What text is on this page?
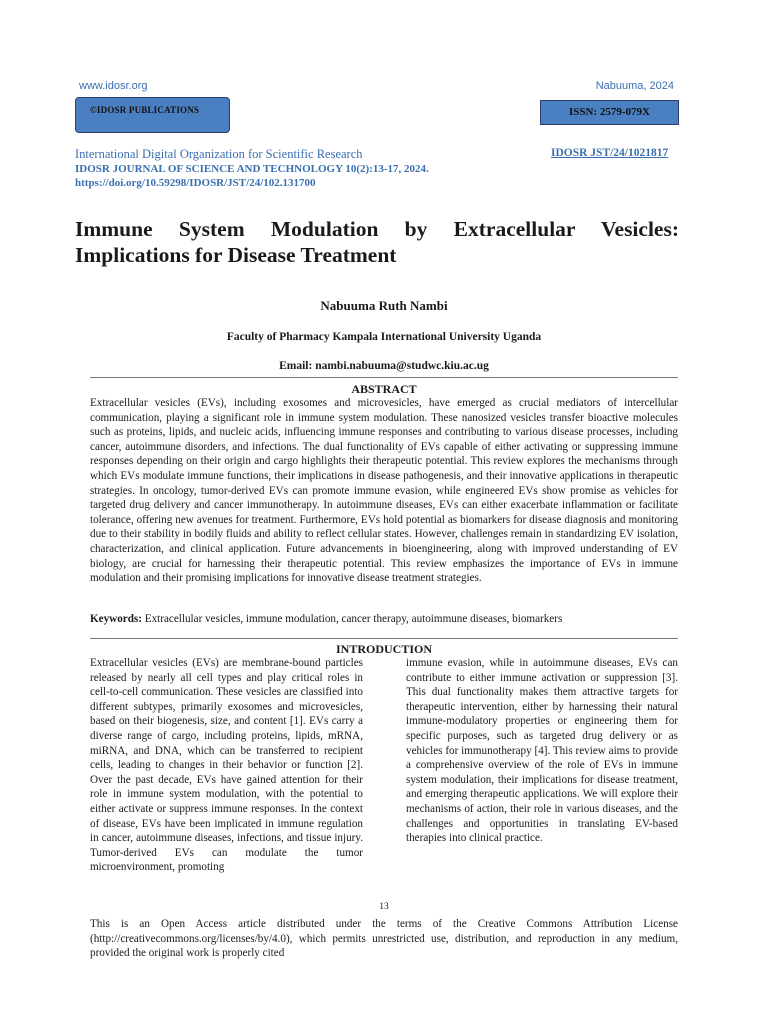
www.idosr.org	Nabuuma, 2024
©IDOSR PUBLICATIONS	ISSN: 2579-079X
International Digital Organization for Scientific Research	IDOSR JST/24/1021817
IDOSR JOURNAL OF SCIENCE AND TECHNOLOGY 10(2):13-17, 2024.
https://doi.org/10.59298/IDOSR/JST/24/102.131700
Immune System Modulation by Extracellular Vesicles: Implications for Disease Treatment
Nabuuma Ruth Nambi
Faculty of Pharmacy Kampala International University Uganda
Email: nambi.nabuuma@studwc.kiu.ac.ug
ABSTRACT
Extracellular vesicles (EVs), including exosomes and microvesicles, have emerged as crucial mediators of intercellular communication, playing a significant role in immune system modulation. These nanosized vesicles transfer bioactive molecules such as proteins, lipids, and nucleic acids, influencing immune responses and contributing to various disease processes, including cancer, autoimmune disorders, and infections. The dual functionality of EVs capable of either activating or suppressing immune responses depending on their origin and cargo highlights their therapeutic potential. This review explores the mechanisms through which EVs modulate immune functions, their implications in disease pathogenesis, and their innovative applications in therapeutic strategies. In oncology, tumor-derived EVs can promote immune evasion, while engineered EVs show promise as vehicles for targeted drug delivery and cancer immunotherapy. In autoimmune diseases, EVs can either exacerbate inflammation or facilitate tolerance, offering new avenues for treatment. Furthermore, EVs hold potential as biomarkers for disease diagnosis and monitoring due to their stability in bodily fluids and ability to reflect cellular states. However, challenges remain in standardizing EV isolation, characterization, and clinical application. Future advancements in bioengineering, along with improved understanding of EV biology, are crucial for harnessing their therapeutic potential. This review emphasizes the importance of EVs in immune modulation and their promising implications for innovative disease treatment strategies.
Keywords: Extracellular vesicles, immune modulation, cancer therapy, autoimmune diseases, biomarkers
INTRODUCTION
Extracellular vesicles (EVs) are membrane-bound particles released by nearly all cell types and play critical roles in cell-to-cell communication. These vesicles are classified into different subtypes, primarily exosomes and microvesicles, based on their biogenesis, size, and content [1]. EVs carry a diverse range of cargo, including proteins, lipids, mRNA, miRNA, and DNA, which can be transferred to recipient cells, leading to changes in their behavior or function [2]. Over the past decade, EVs have gained attention for their role in immune system modulation, with the potential to either activate or suppress immune responses. In the context of disease, EVs have been implicated in immune regulation in cancer, autoimmune diseases, infections, and tissue injury. Tumor-derived EVs can modulate the tumor microenvironment, promoting
immune evasion, while in autoimmune diseases, EVs can contribute to either immune activation or suppression [3]. This dual functionality makes them attractive targets for therapeutic intervention, either by harnessing their natural immune-modulatory properties or engineering them for specific purposes, such as targeted drug delivery or as vehicles for immunotherapy [4]. This review aims to provide a comprehensive overview of the role of EVs in immune system modulation, their implications for disease treatment, and emerging therapeutic applications. We will explore their mechanisms of action, their role in various diseases, and the challenges and opportunities in translating EV-based therapies into clinical practice.
13
This is an Open Access article distributed under the terms of the Creative Commons Attribution License (http://creativecommons.org/licenses/by/4.0), which permits unrestricted use, distribution, and reproduction in any medium, provided the original work is properly cited
